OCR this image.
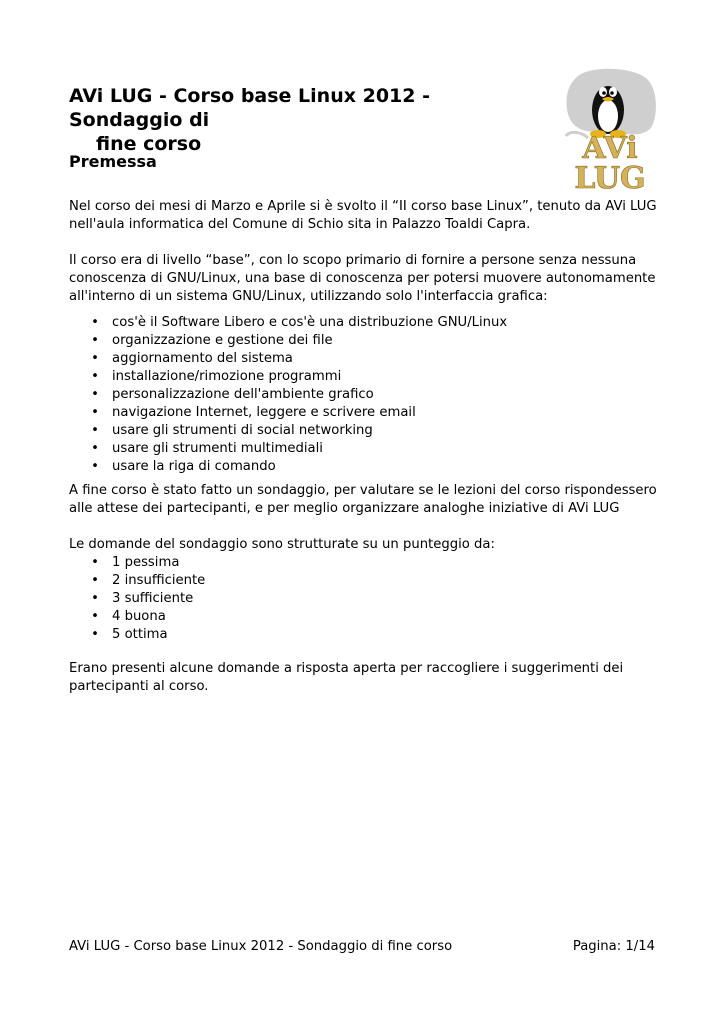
AVi LUG - Corso base Linux 2012 - Sondaggio di
fine corso	AVi
LUG
Premessa

Nel corso dei mesi di Marzo e Aprile si è svolto il “II corso base Linux”, tenuto da AVi LUG nell'aula informatica del Comune di Schio sita in Palazzo Toaldi Capra.

Il corso era di livello “base”, con lo scopo primario di fornire a persone senza nessuna conoscenza di GNU/Linux, una base di conoscenza per potersi muovere autonomamente all'interno di un sistema GNU/Linux, utilizzando solo l'interfaccia grafica:

• cos'è il Software Libero e cos'è una distribuzione GNU/Linux
• organizzazione e gestione dei file
• aggiornamento del sistema
• installazione/rimozione programmi
• personalizzazione dell'ambiente grafico
• navigazione Internet, leggere e scrivere email
• usare gli strumenti di social networking
• usare gli strumenti multimediali
• usare la riga di comando

A fine corso è stato fatto un sondaggio, per valutare se le lezioni del corso rispondessero alle attese dei partecipanti, e per meglio organizzare analoghe iniziative di AVi LUG

Le domande del sondaggio sono strutturate su un punteggio da:

• 1 pessima
• 2 insufficiente
• 3 sufficiente
• 4 buona
• 5 ottima

Erano presenti alcune domande a risposta aperta per raccogliere i suggerimenti dei partecipanti al corso.

AVi LUG - Corso base Linux 2012 - Sondaggio di fine corso	Pagina: 1/14
